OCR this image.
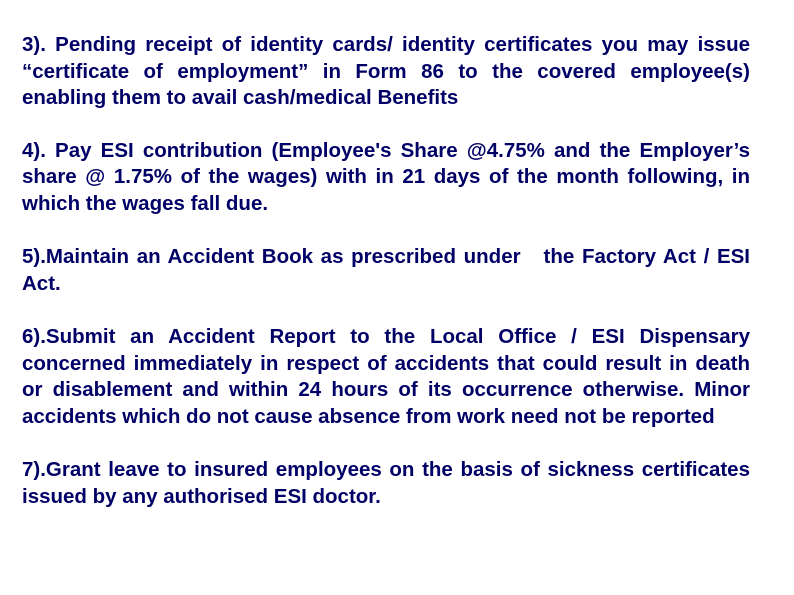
3). Pending receipt of identity cards/ identity certificates you may issue “certificate of employment” in Form 86 to the covered employee(s) enabling them to avail cash/medical Benefits

4). Pay ESI contribution (Employee's Share @4.75% and the Employer’s share @ 1.75% of the wages) with in 21 days of the month following, in which the wages fall due.

5).Maintain an Accident Book as prescribed under   the Factory Act / ESI Act.

6).Submit an Accident Report to the Local Office / ESI Dispensary concerned immediately in respect of accidents that could result in death or disablement and within 24 hours of its occurrence otherwise. Minor accidents which do not cause absence from work need not be reported

7).Grant leave to insured employees on the basis of sickness certificates issued by any authorised ESI doctor.
